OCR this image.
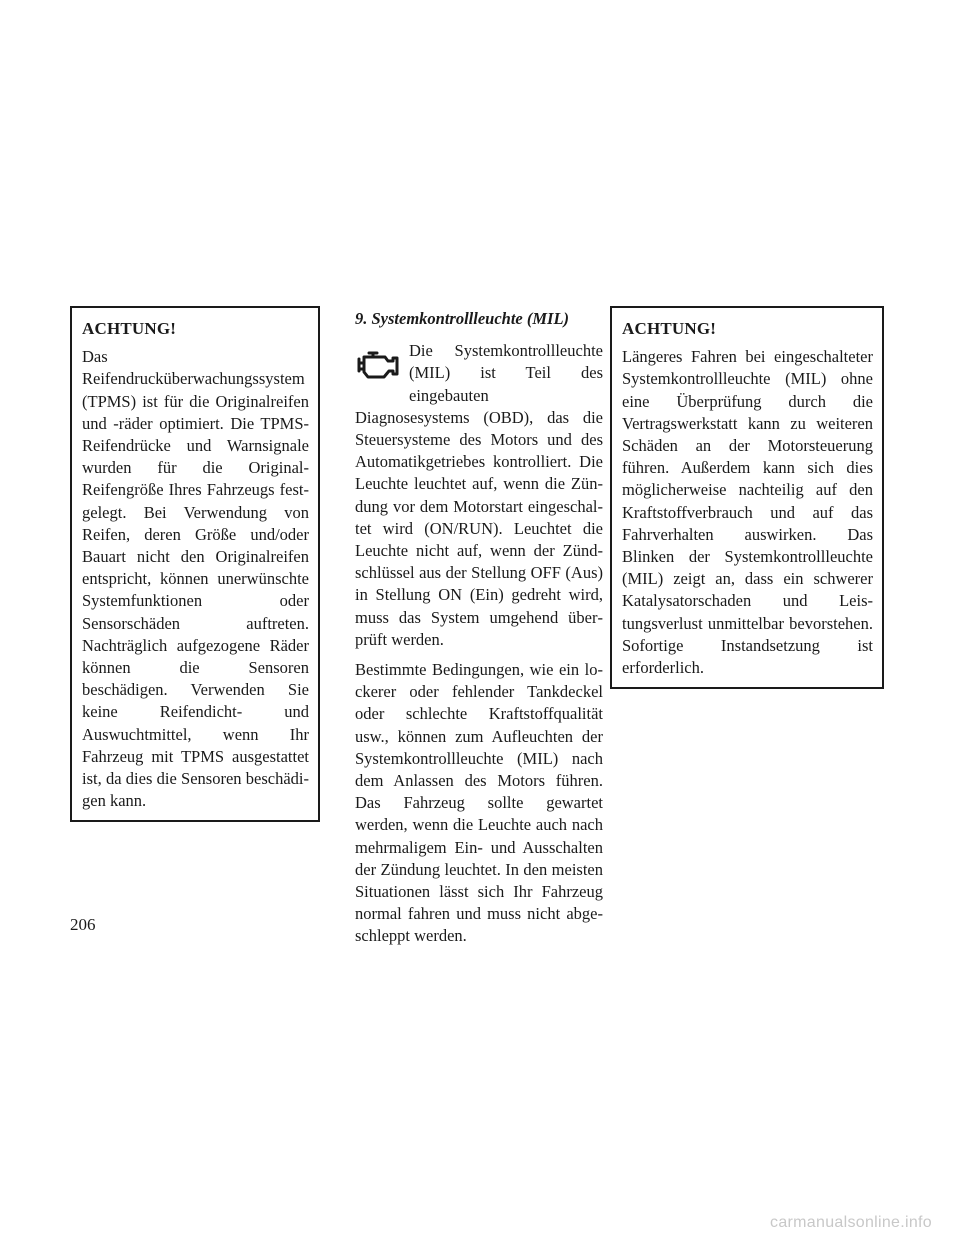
ACHTUNG!

Das Reifendrucküberwachungssystem (TPMS) ist für die Originalreifen und -räder optimiert. Die TPMS-Reifendrücke und Warnsignale wurden für die Original-Reifengröße Ihres Fahrzeugs festgelegt. Bei Verwendung von Reifen, deren Größe und/oder Bauart nicht den Originalreifen entspricht, können unerwünschte Systemfunktionen oder Sensorschäden auftreten. Nachträglich aufgezogene Räder können die Sensoren beschädigen. Verwenden Sie keine Reifendicht- und Auswuchtmittel, wenn Ihr Fahrzeug mit TPMS ausgestattet ist, da dies die Sensoren beschädigen kann.

9. Systemkontrollleuchte (MIL)

Die Systemkontrollleuchte (MIL) ist Teil des eingebauten Diagnosesystems (OBD), das die Steuersysteme des Motors und des Automatikgetriebes kontrolliert. Die Leuchte leuchtet auf, wenn die Zündung vor dem Motorstart eingeschaltet wird (ON/RUN). Leuchtet die Leuchte nicht auf, wenn der Zündschlüssel aus der Stellung OFF (Aus) in Stellung ON (Ein) gedreht wird, muss das System umgehend überprüft werden.

Bestimmte Bedingungen, wie ein lockerer oder fehlender Tankdeckel oder schlechte Kraftstoffqualität usw., können zum Aufleuchten der Systemkontrollleuchte (MIL) nach dem Anlassen des Motors führen. Das Fahrzeug sollte gewartet werden, wenn die Leuchte auch nach mehrmaligem Ein- und Ausschalten der Zündung leuchtet. In den meisten Situationen lässt sich Ihr Fahrzeug normal fahren und muss nicht abgeschleppt werden.

ACHTUNG!

Längeres Fahren bei eingeschalteter Systemkontrollleuchte (MIL) ohne eine Überprüfung durch die Vertragswerkstatt kann zu weiteren Schäden an der Motorsteuerung führen. Außerdem kann sich dies möglicherweise nachteilig auf den Kraftstoffverbrauch und auf das Fahrverhalten auswirken. Das Blinken der Systemkontrollleuchte (MIL) zeigt an, dass ein schwerer Katalysatorschaden und Leistungsverlust unmittelbar bevorstehen. Sofortige Instandsetzung ist erforderlich.

206
carmanualsonline.info
